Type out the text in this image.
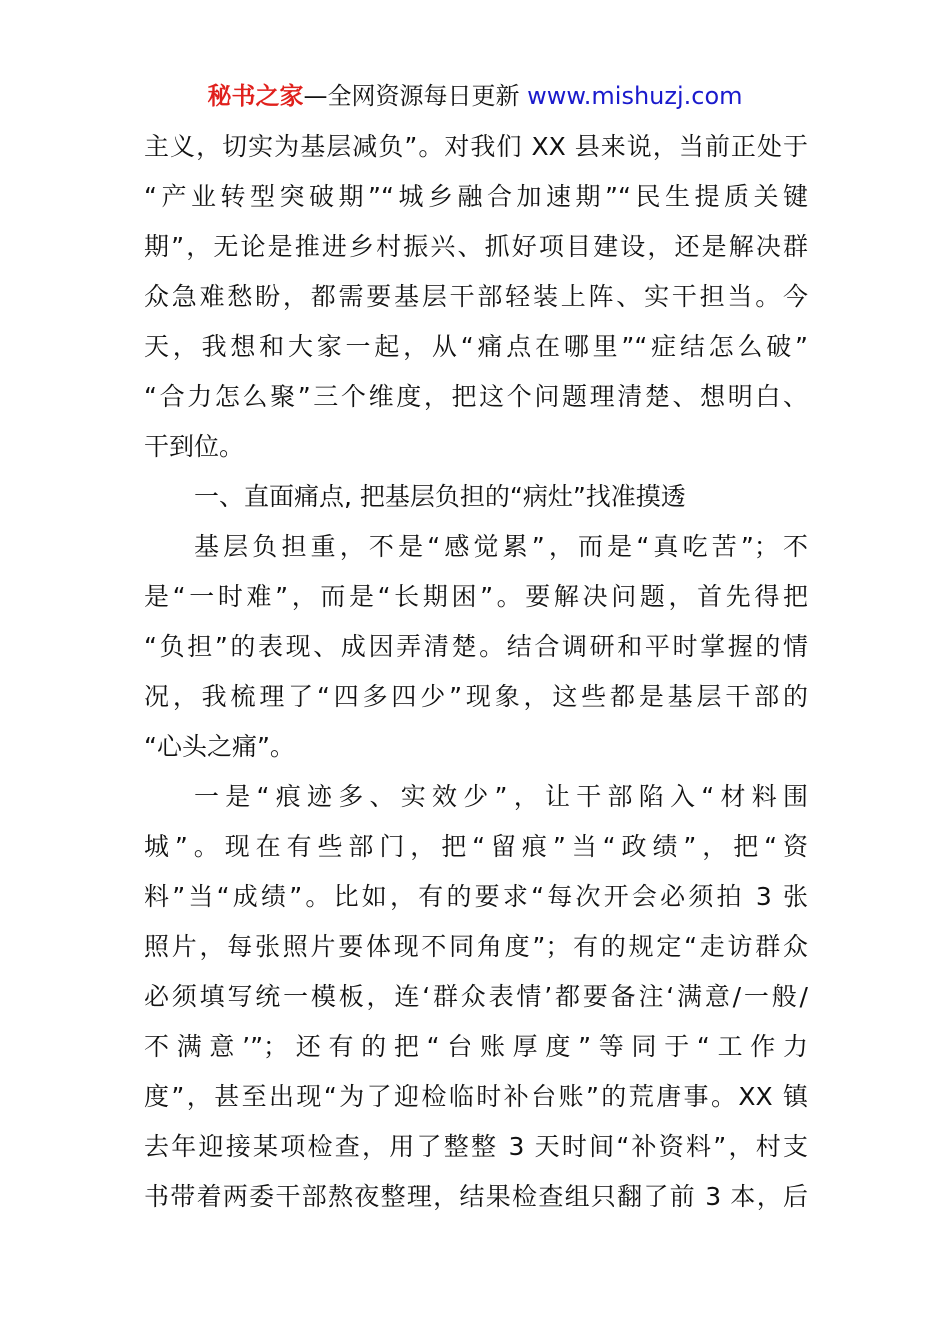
秘书之家—全网资源每日更新 www.mishuzj.com
主义，切实为基层减负”。对我们 XX 县来说，当前正处于
“产业转型突破期”“城乡融合加速期”“民生提质关键
期”，无论是推进乡村振兴、抓好项目建设，还是解决群
众急难愁盼，都需要基层干部轻装上阵、实干担当。今
天，我想和大家一起，从“痛点在哪里”“症结怎么破”
“合力怎么聚”三个维度，把这个问题理清楚、想明白、
干到位。
一、直面痛点, 把基层负担的“病灶”找准摸透
基层负担重，不是“感觉累”，而是“真吃苦”；不
是“一时难”，而是“长期困”。要解决问题，首先得把
“负担”的表现、成因弄清楚。结合调研和平时掌握的情
况，我梳理了“四多四少”现象，这些都是基层干部的
“心头之痛”。
一是“痕迹多、实效少”，让干部陷入“材料围
城”。现在有些部门，把“留痕”当“政绩”，把“资
料”当“成绩”。比如，有的要求“每次开会必须拍 3 张
照片，每张照片要体现不同角度”；有的规定“走访群众
必须填写统一模板，连‘群众表情’都要备注‘满意/一般/
不满意’”；还有的把“台账厚度”等同于“工作力
度”，甚至出现“为了迎检临时补台账”的荒唐事。XX 镇
去年迎接某项检查，用了整整 3 天时间“补资料”，村支
书带着两委干部熬夜整理，结果检查组只翻了前 3 本，后
